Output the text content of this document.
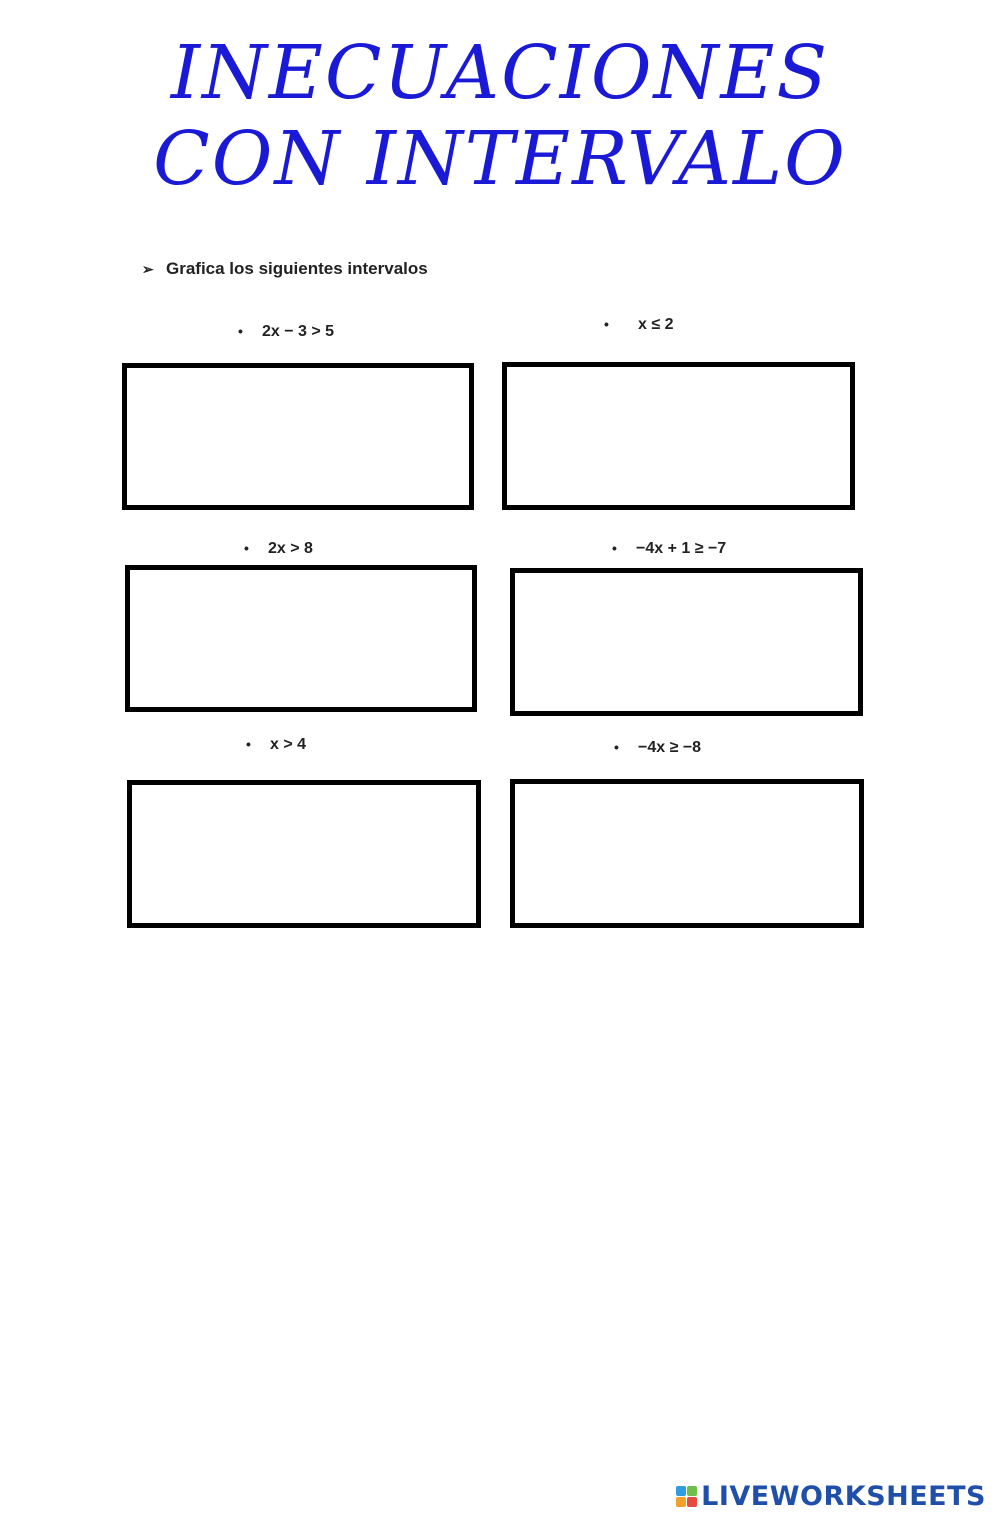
INECUACIONES
CON INTERVALO
➢ Grafica los siguientes intervalos
• 2x − 3 > 5	• x ≤ 2
• 2x > 8	• −4x + 1 ≥ −7
• x > 4	• −4x ≥ −8
LIVEWORKSHEETS
